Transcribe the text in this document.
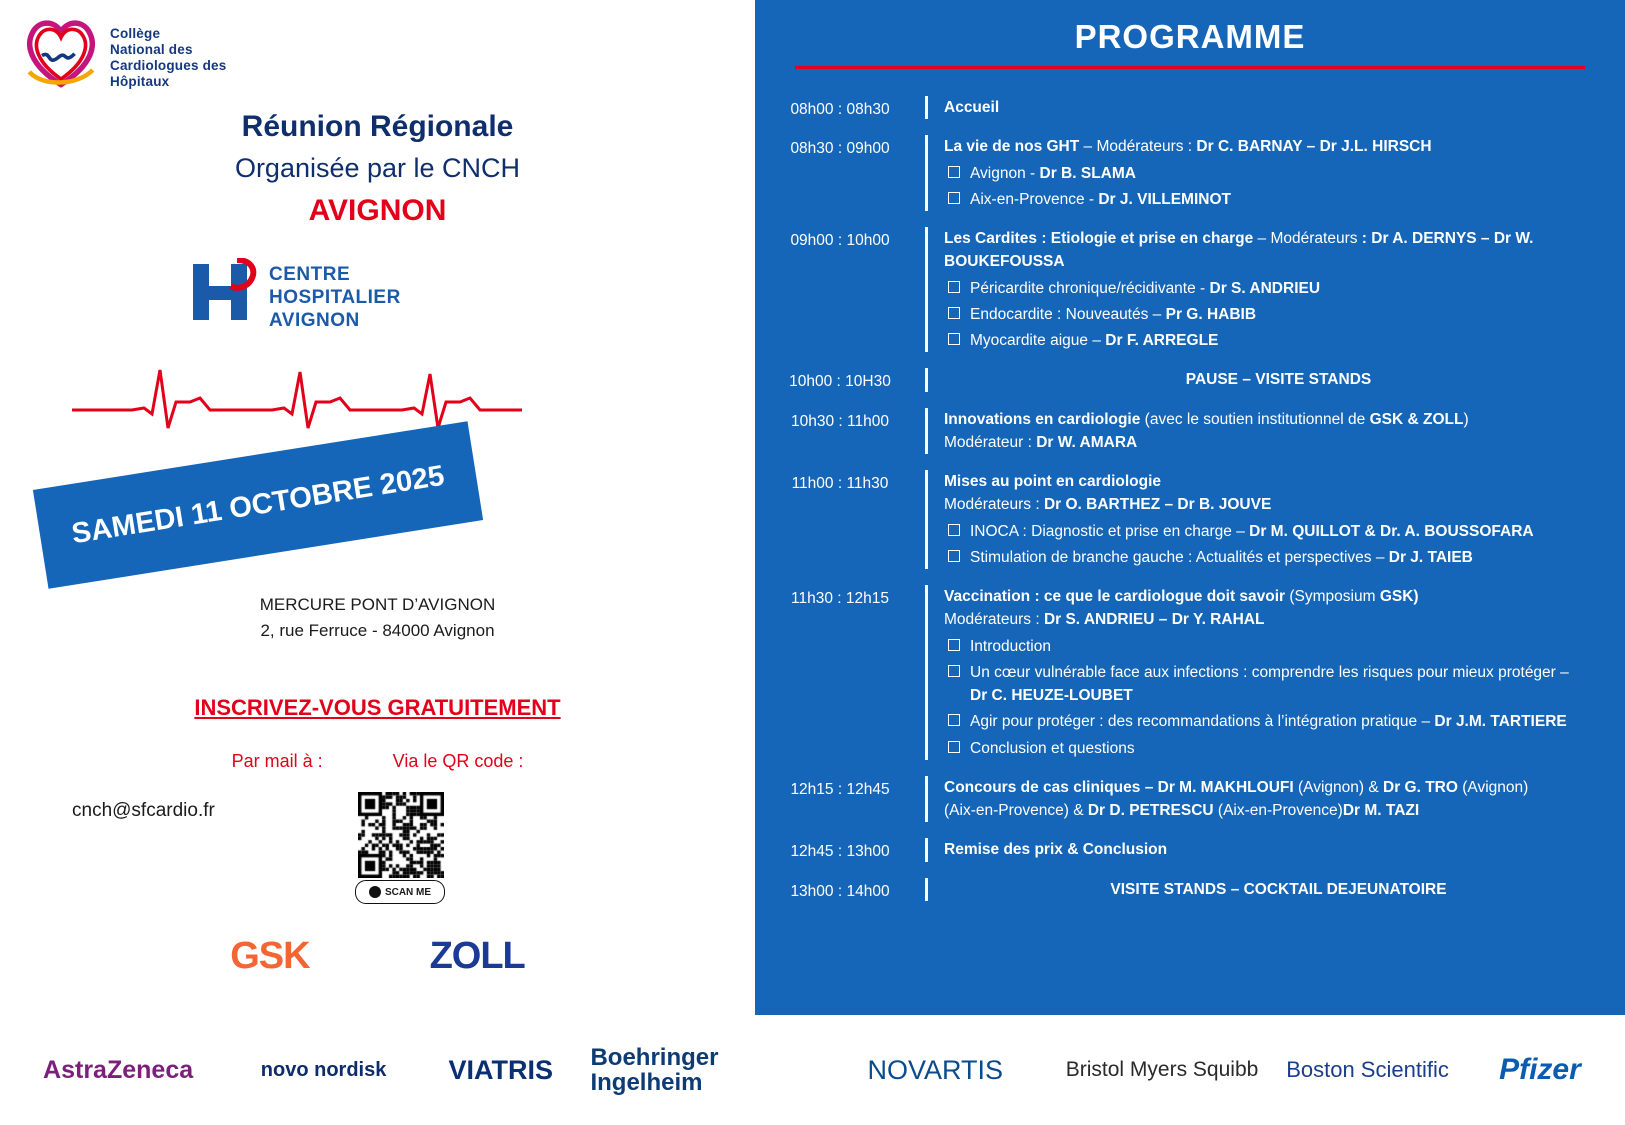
Collège
National des
Cardiologues des
Hôpitaux
Réunion Régionale
Organisée par le CNCH
AVIGNON
CENTRE
HOSPITALIER
AVIGNON
SAMEDI 11 OCTOBRE 2025
MERCURE PONT D’AVIGNON
2, rue Ferruce - 84000 Avignon
INSCRIVEZ-VOUS GRATUITEMENT
Par mail à :	Via le QR code :
cnch@sfcardio.fr
SCAN ME
GSK	ZOLL
PROGRAMME
08h00 : 08h30	Accueil
08h30 : 09h00	La vie de nos GHT – Modérateurs : Dr C. BARNAY – Dr J.L. HIRSCH
Avignon - Dr B. SLAMA
Aix-en-Provence - Dr J. VILLEMINOT
09h00 : 10h00	Les Cardites : Etiologie et prise en charge – Modérateurs : Dr A. DERNYS – Dr W. BOUKEFOUSSA
Péricardite chronique/récidivante - Dr S. ANDRIEU
Endocardite : Nouveautés – Pr G. HABIB
Myocardite aigue – Dr F. ARREGLE
10h00 : 10H30	PAUSE – VISITE STANDS
10h30 : 11h00	Innovations en cardiologie (avec le soutien institutionnel de GSK & ZOLL)
Modérateur : Dr W. AMARA
11h00 : 11h30	Mises au point en cardiologie
Modérateurs : Dr O. BARTHEZ – Dr B. JOUVE
INOCA : Diagnostic et prise en charge – Dr M. QUILLOT & Dr. A. BOUSSOFARA
Stimulation de branche gauche : Actualités et perspectives – Dr J. TAIEB
11h30 : 12h15	Vaccination : ce que le cardiologue doit savoir (Symposium GSK)
Modérateurs : Dr S. ANDRIEU – Dr Y. RAHAL
Introduction
Un cœur vulnérable face aux infections : comprendre les risques pour mieux protéger –
Dr C. HEUZE-LOUBET
Agir pour protéger : des recommandations à l’intégration pratique – Dr J.M. TARTIERE
Conclusion et questions
12h15 : 12h45	Concours de cas cliniques – Dr M. MAKHLOUFI (Avignon) & Dr G. TRO (Avignon)
(Aix-en-Provence) & Dr D. PETRESCU (Aix-en-Provence)Dr M. TAZI
12h45 : 13h00	Remise des prix & Conclusion
13h00 : 14h00	VISITE STANDS – COCKTAIL DEJEUNATOIRE
AstraZeneca	novo nordisk	VIATRIS	Boehringer Ingelheim	NOVARTIS	Bristol Myers Squibb	Boston Scientific	Pfizer
